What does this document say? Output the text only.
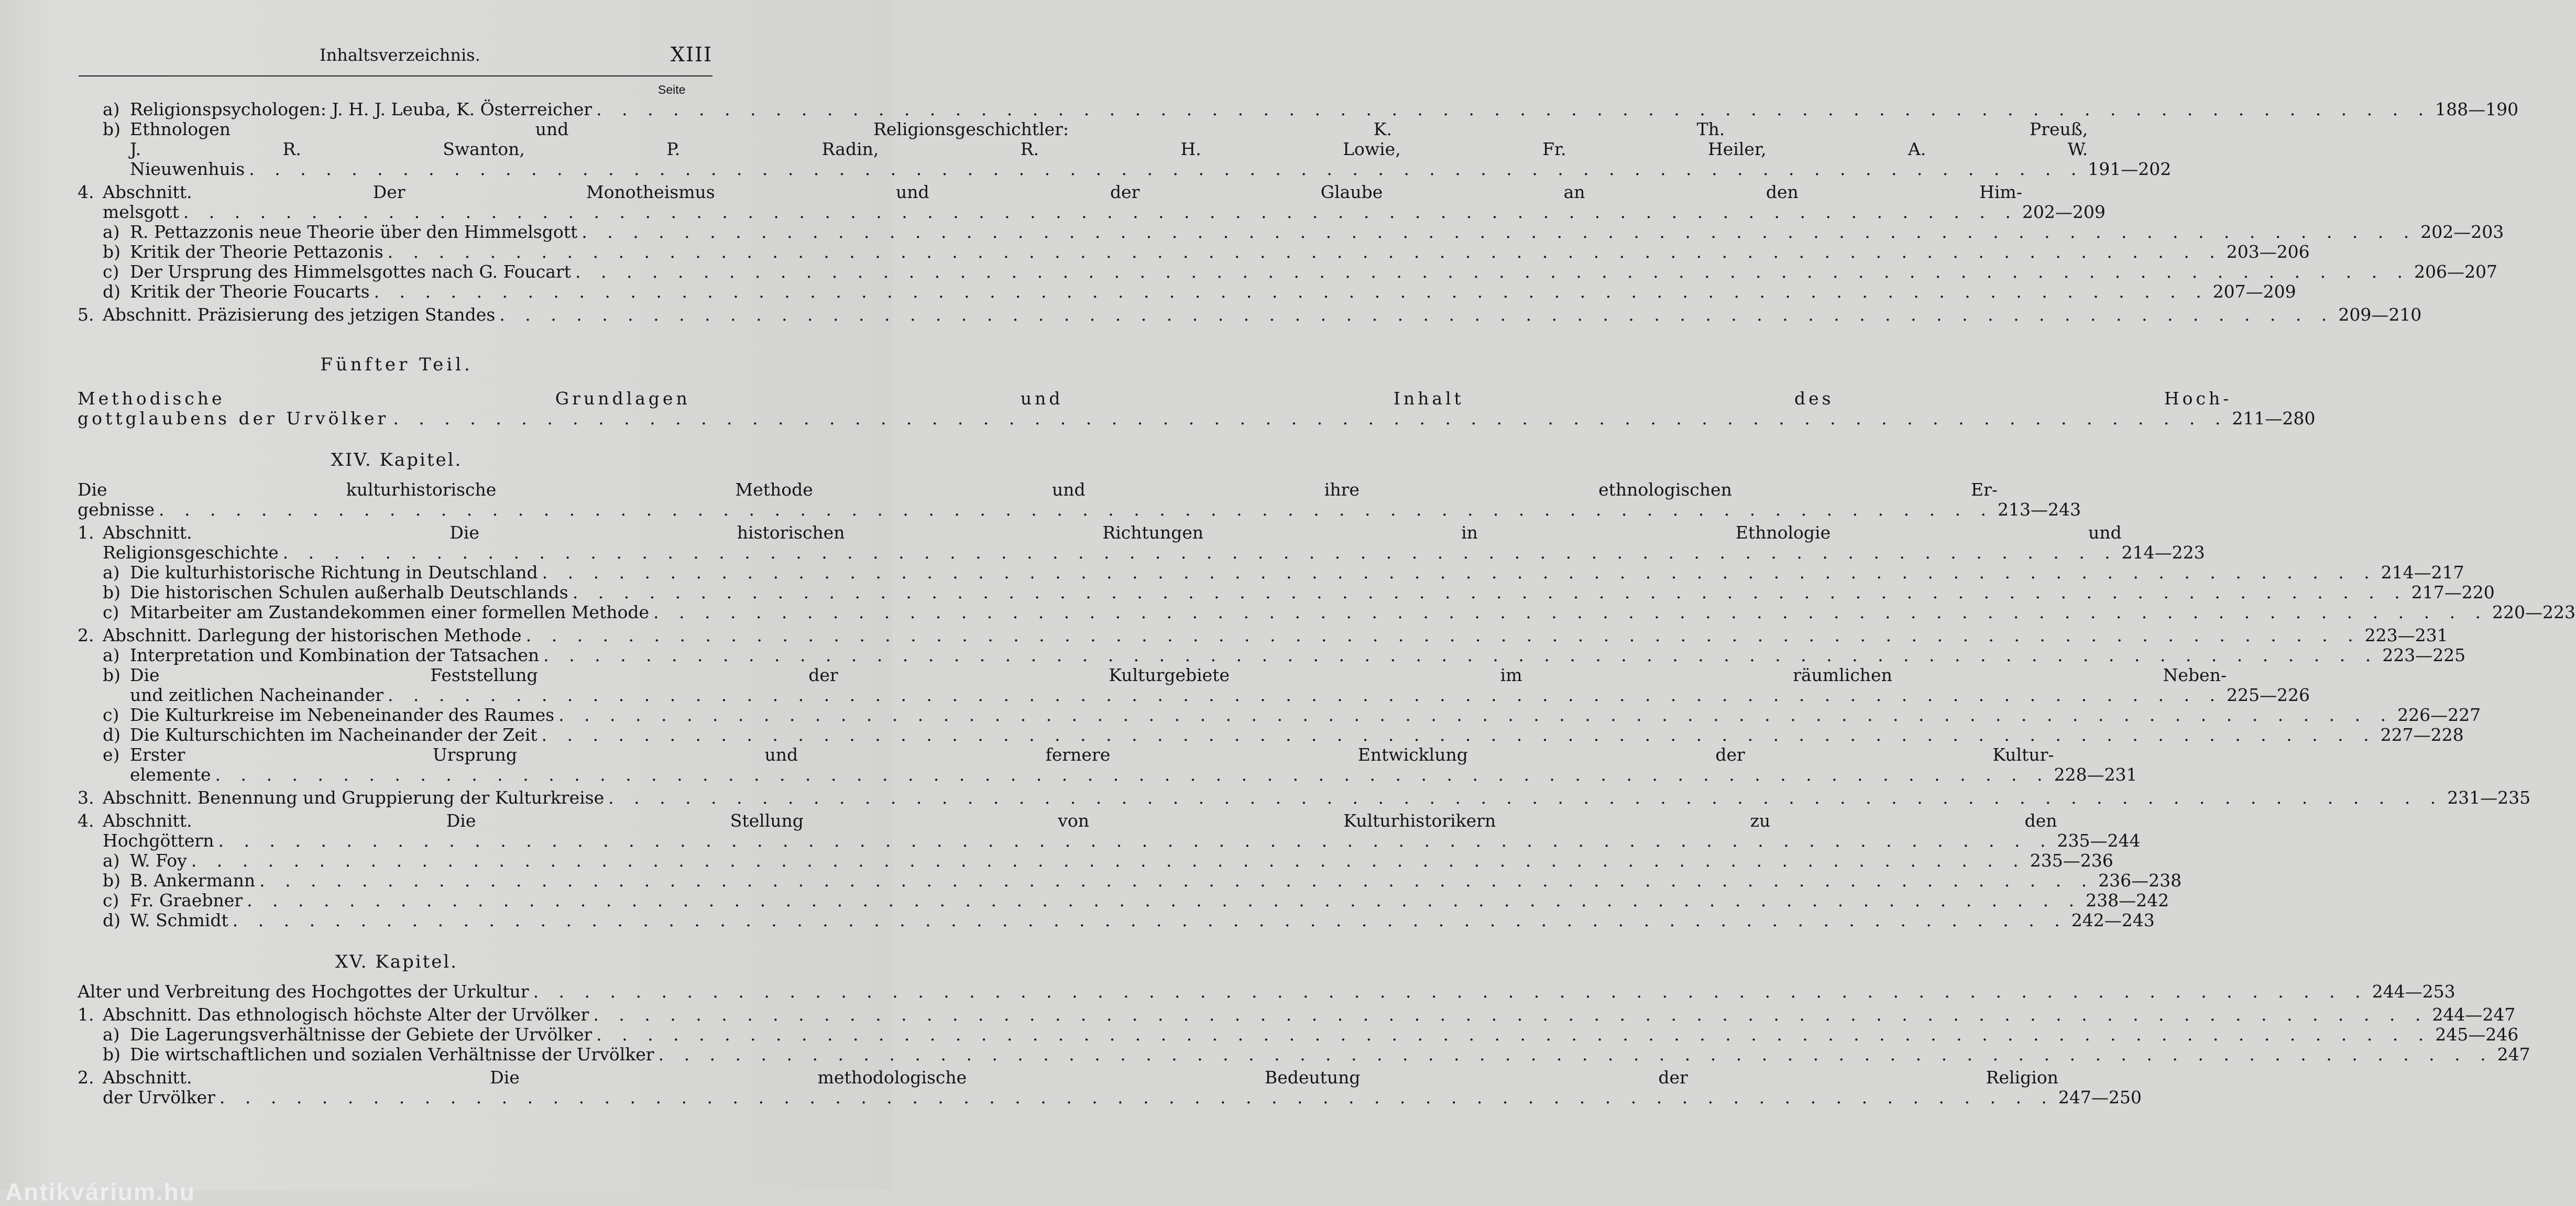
Inhaltsverzeichnis.	XIII
Seite
a) Religionspsychologen: J. H. J. Leuba, K. Österreicher . . .	188—190
b) Ethnologen und Religionsgeschichtler: K. Th. Preuß,
J. R. Swanton, P. Radin, R. H. Lowie, Fr. Heiler, A. W.
Nieuwenhuis . . .	191—202
4. Abschnitt. Der Monotheismus und der Glaube an den Him-
melsgott . . .	202—209
a) R. Pettazzonis neue Theorie über den Himmelsgott . . .	202—203
b) Kritik der Theorie Pettazonis . . .	203—206
c) Der Ursprung des Himmelsgottes nach G. Foucart . . .	206—207
d) Kritik der Theorie Foucarts . . .	207—209
5. Abschnitt. Präzisierung des jetzigen Standes . . .	209—210
Fünfter Teil.
Methodische Grundlagen und Inhalt des Hoch-
gottglaubens der Urvölker . . .	211—280
XIV. Kapitel.
Die kulturhistorische Methode und ihre ethnologischen Er-
gebnisse . . .	213—243
1. Abschnitt. Die historischen Richtungen in Ethnologie und
Religionsgeschichte . . .	214—223
a) Die kulturhistorische Richtung in Deutschland . . .	214—217
b) Die historischen Schulen außerhalb Deutschlands . . .	217—220
c) Mitarbeiter am Zustandekommen einer formellen Methode . . .	220—223
2. Abschnitt. Darlegung der historischen Methode . . .	223—231
a) Interpretation und Kombination der Tatsachen . . .	223—225
b) Die Feststellung der Kulturgebiete im räumlichen Neben-
und zeitlichen Nacheinander . . .	225—226
c) Die Kulturkreise im Nebeneinander des Raumes . . .	226—227
d) Die Kulturschichten im Nacheinander der Zeit . . .	227—228
e) Erster Ursprung und fernere Entwicklung der Kultur-
elemente . . .	228—231
3. Abschnitt. Benennung und Gruppierung der Kulturkreise . . .	231—235
4. Abschnitt. Die Stellung von Kulturhistorikern zu den
Hochgöttern . . .	235—244
a) W. Foy . . .	235—236
b) B. Ankermann . . .	236—238
c) Fr. Graebner . . .	238—242
d) W. Schmidt . . .	242—243
XV. Kapitel.
Alter und Verbreitung des Hochgottes der Urkultur . . .	244—253
1. Abschnitt. Das ethnologisch höchste Alter der Urvölker . . .	244—247
a) Die Lagerungsverhältnisse der Gebiete der Urvölker . . .	245—246
b) Die wirtschaftlichen und sozialen Verhältnisse der Urvölker . . .	247
2. Abschnitt. Die methodologische Bedeutung der Religion
der Urvölker . . .	247—250
Antikvárium.hu
